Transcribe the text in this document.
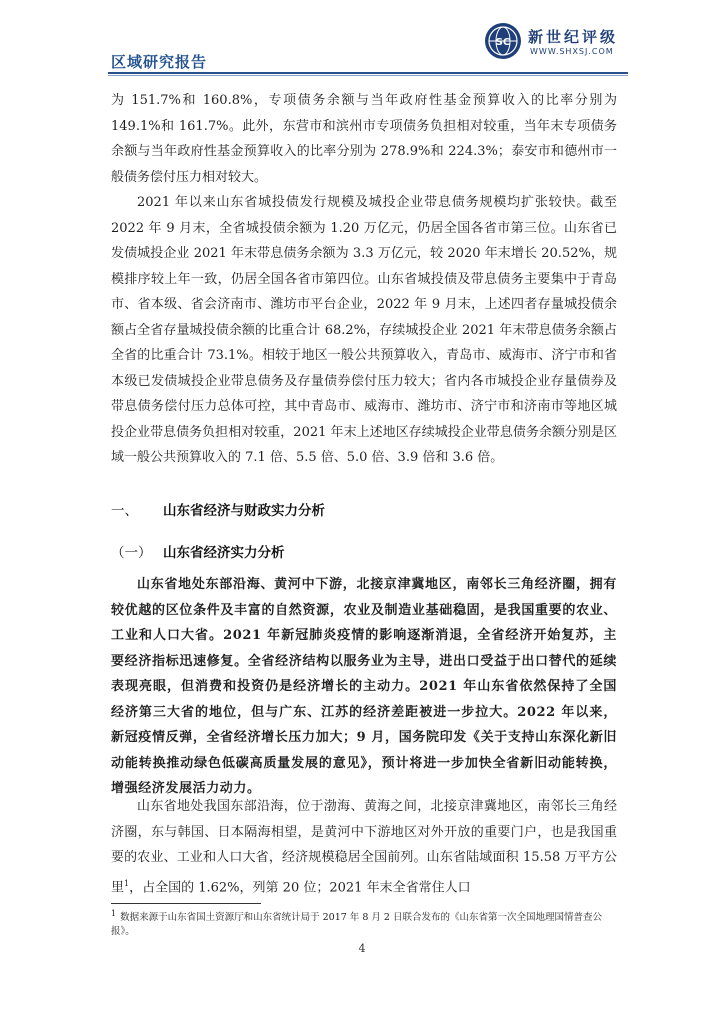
区域研究报告
SC 新世纪评级
WWW.SHXSJ.COM

为 151.7%和 160.8%，专项债务余额与当年政府性基金预算收入的比率分别为 149.1%和 161.7%。此外，东营市和滨州市专项债务负担相对较重，当年末专项债务余额与当年政府性基金预算收入的比率分别为 278.9%和 224.3%；泰安市和德州市一般债务偿付压力相对较大。

2021 年以来山东省城投债发行规模及城投企业带息债务规模均扩张较快。截至 2022 年 9 月末，全省城投债余额为 1.20 万亿元，仍居全国各省市第三位。山东省已发债城投企业 2021 年末带息债务余额为 3.3 万亿元，较 2020 年末增长 20.52%，规模排序较上年一致，仍居全国各省市第四位。山东省城投债及带息债务主要集中于青岛市、省本级、省会济南市、潍坊市平台企业，2022 年 9 月末，上述四者存量城投债余额占全省存量城投债余额的比重合计 68.2%，存续城投企业 2021 年末带息债务余额占全省的比重合计 73.1%。相较于地区一般公共预算收入，青岛市、威海市、济宁市和省本级已发债城投企业带息债务及存量债券偿付压力较大；省内各市城投企业存量债券及带息债务偿付压力总体可控，其中青岛市、威海市、潍坊市、济宁市和济南市等地区城投企业带息债务负担相对较重，2021 年末上述地区存续城投企业带息债务余额分别是区域一般公共预算收入的 7.1 倍、5.5 倍、5.0 倍、3.9 倍和 3.6 倍。

一、 山东省经济与财政实力分析
（一） 山东省经济实力分析

山东省地处东部沿海、黄河中下游，北接京津冀地区，南邻长三角经济圈，拥有较优越的区位条件及丰富的自然资源，农业及制造业基础稳固，是我国重要的农业、工业和人口大省。2021 年新冠肺炎疫情的影响逐渐消退，全省经济开始复苏，主要经济指标迅速修复。全省经济结构以服务业为主导，进出口受益于出口替代的延续表现亮眼，但消费和投资仍是经济增长的主动力。2021 年山东省依然保持了全国经济第三大省的地位，但与广东、江苏的经济差距被进一步拉大。2022 年以来，新冠疫情反弹，全省经济增长压力加大；9 月，国务院印发《关于支持山东深化新旧动能转换推动绿色低碳高质量发展的意见》，预计将进一步加快全省新旧动能转换，增强经济发展活力动力。

山东省地处我国东部沿海，位于渤海、黄海之间，北接京津冀地区，南邻长三角经济圈，东与韩国、日本隔海相望，是黄河中下游地区对外开放的重要门户，也是我国重要的农业、工业和人口大省，经济规模稳居全国前列。山东省陆域面积 15.58 万平方公里$^1$，占全国的 1.62%，列第 20 位；2021 年末全省常住人口

$^1$ 数据来源于山东省国土资源厅和山东省统计局于 2017 年 8 月 2 日联合发布的《山东省第一次全国地理国情普查公报》。

4
